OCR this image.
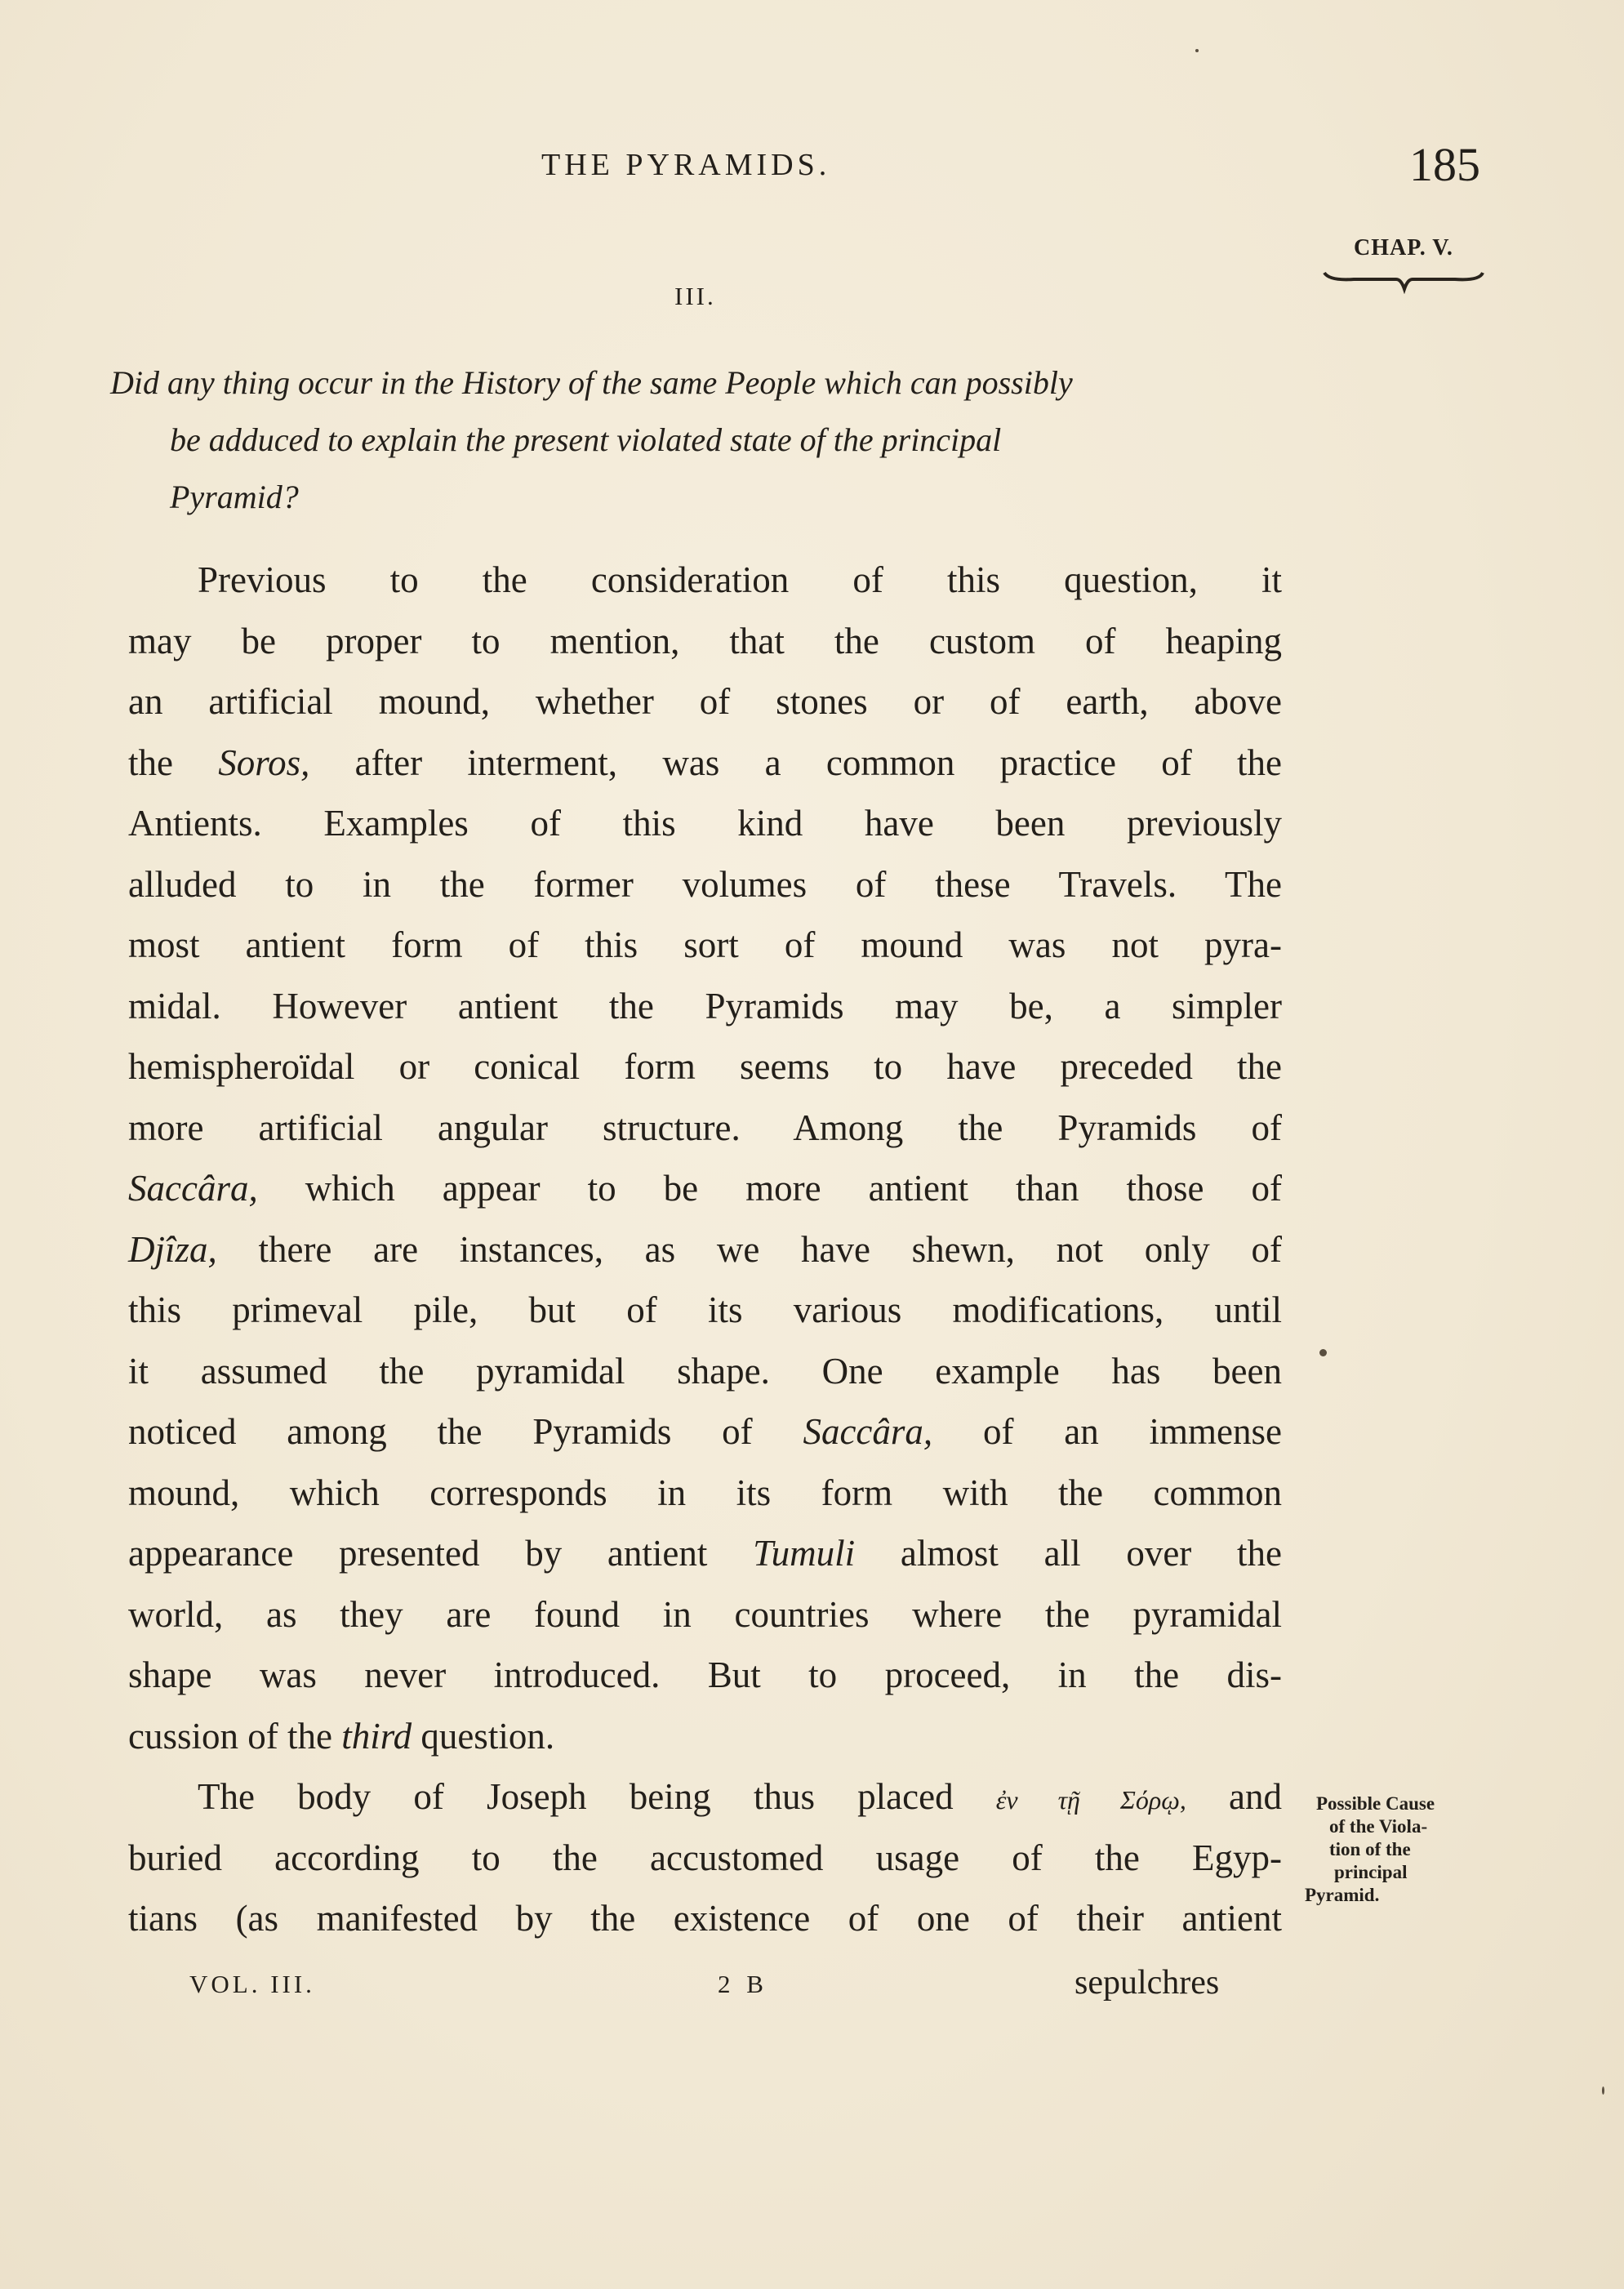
THE PYRAMIDS.	185
CHAP. V.
III.
Did any thing occur in the History of the same People which can possibly
be adduced to explain the present violated state of the principal
Pyramid?
Previous to the consideration of this question, it
may be proper to mention, that the custom of heaping
an artificial mound, whether of stones or of earth, above
the Soros, after interment, was a common practice of the
Antients. Examples of this kind have been previously
alluded to in the former volumes of these Travels. The
most antient form of this sort of mound was not pyra-
midal. However antient the Pyramids may be, a simpler
hemispheroïdal or conical form seems to have preceded the
more artificial angular structure. Among the Pyramids of
Saccâra, which appear to be more antient than those of
Djîza, there are instances, as we have shewn, not only of
this primeval pile, but of its various modifications, until
it assumed the pyramidal shape. One example has been
noticed among the Pyramids of Saccâra, of an immense
mound, which corresponds in its form with the common
appearance presented by antient Tumuli almost all over the
world, as they are found in countries where the pyramidal
shape was never introduced. But to proceed, in the dis-
cussion of the third question.
The body of Joseph being thus placed ἐν τῇ Σόρῳ, and
buried according to the accustomed usage of the Egyp-
tians (as manifested by the existence of one of their antient
Possible Cause
of the Viola-
tion of the
principal
Pyramid.
VOL. III.	2 B	sepulchres
